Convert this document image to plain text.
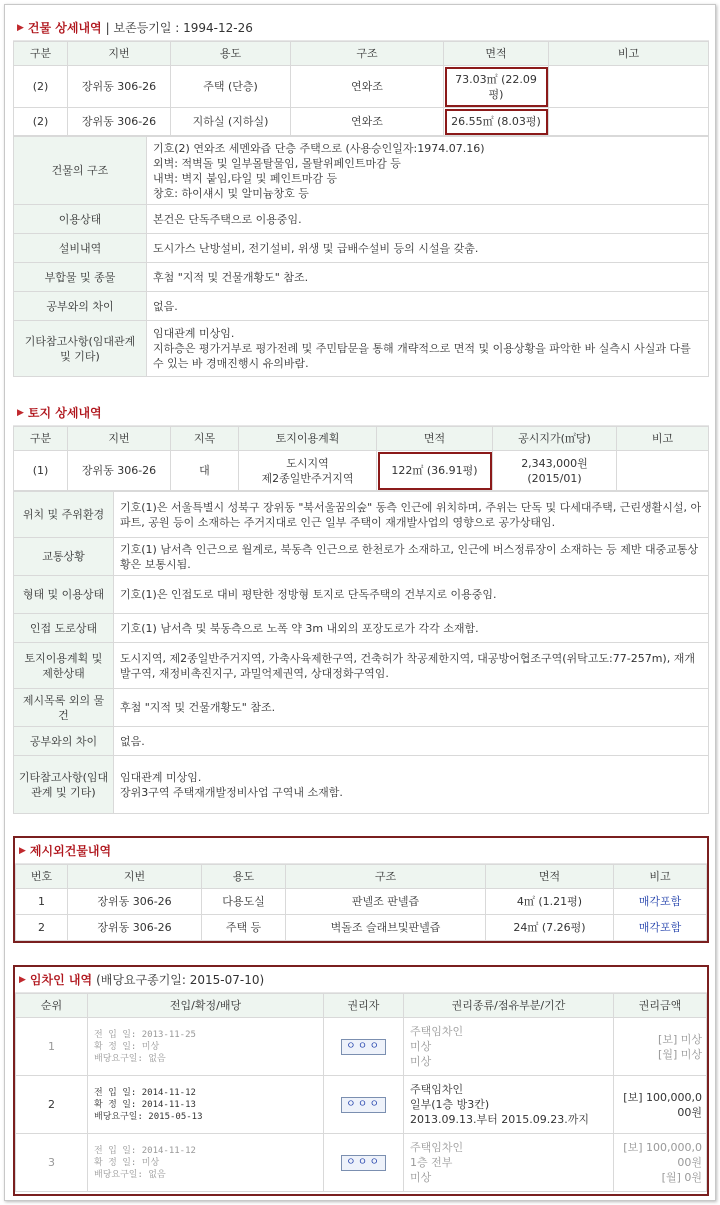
▶ 건물 상세내역 | 보존등기일 : 1994-12-26
구분	지번	용도	구조	면적	비고
(2)	장위동 306-26	주택 (단층)	연와조	73.03㎡ (22.09평)	
(2)	장위동 306-26	지하실 (지하실)	연와조	26.55㎡ (8.03평)	
건물의 구조	기호(2) 연와조 세멘와즙 단층 주택으로 (사용승인일자:1974.07.16)
외벽: 적벽돌 및 일부몰탈물임, 몰탈위페인트마감 등
내벽: 벽지 붙임,타일 및 페인트마감 등
창호: 하이섀시 및 알미늄창호 등
이용상태	본건은 단독주택으로 이용중임.
설비내역	도시가스 난방설비, 전기설비, 위생 및 급배수설비 등의 시설을 갖춤.
부합물 및 종물	후첨 "지적 및 건물개황도" 참조.
공부와의 차이	없음.
기타참고사항(임대관계 및 기타)	임대관계 미상임.
지하층은 평가거부로 평가전례 및 주민탐문을 통해 개략적으로 면적 및 이용상황을 파악한 바 실측시 사실과 다를 수 있는 바 경매진행시 유의바람.
▶ 토지 상세내역
구분	지번	지목	토지이용계획	면적	공시지가(㎡당)	비고
(1)	장위동 306-26	대	도시지역
제2종일반주거지역	122㎡ (36.91평)	2,343,000원
(2015/01)	
위치 및 주위환경	기호(1)은 서울특별시 성북구 장위동 "북서울꿈의숲" 동측 인근에 위치하며, 주위는 단독 및 다세대주택, 근린생활시설, 아파트, 공원 등이 소재하는 주거지대로 인근 일부 주택이 재개발사업의 영향으로 공가상태임.
교통상황	기호(1) 남서측 인근으로 월계로, 북동측 인근으로 한천로가 소재하고, 인근에 버스정류장이 소재하는 등 제반 대중교통상황은 보통시됨.
형태 및 이용상태	기호(1)은 인접도로 대비 평탄한 정방형 토지로 단독주택의 건부지로 이용중임.
인접 도로상태	기호(1) 남서측 및 북동측으로 노폭 약 3m 내외의 포장도로가 각각 소재함.
토지이용계획 및 제한상태	도시지역, 제2종일반주거지역, 가축사육제한구역, 건축허가 착공제한지역, 대공방어협조구역(위탁고도:77-257m), 재개발구역, 재정비촉진지구, 과밀억제권역, 상대정화구역임.
제시목록 외의 물건	후첨 "지적 및 건물개황도" 참조.
공부와의 차이	없음.
기타참고사항(임대관계 및 기타)	임대관계 미상임.
장위3구역 주택재개발정비사업 구역내 소재함.
▶ 제시외건물내역
번호	지번	용도	구조	면적	비고
1	장위동 306-26	다용도실	판넬조 판넬즙	4㎡ (1.21평)	매각포함
2	장위동 306-26	주택 등	벽돌조 슬래브및판넬즙	24㎡ (7.26평)	매각포함
▶ 임차인 내역 (배당요구종기일: 2015-07-10)
순위	전입/확정/배당	권리자	권리종류/점유부분/기간	권리금액
1	전 입 일: 2013-11-25
확 정 일: 미상
배당요구일: 없음	ㅇㅇㅇ	주택임차인
미상
미상	[보] 미상
[월] 미상
2	전 입 일: 2014-11-12
확 정 일: 2014-11-13
배당요구일: 2015-05-13	ㅇㅇㅇ	주택임차인
일부(1층 방3칸)
2013.09.13.부터 2015.09.23.까지	[보] 100,000,000원
3	전 입 일: 2014-11-12
확 정 일: 미상
배당요구일: 없음	ㅇㅇㅇ	주택임차인
1층 전부
미상	[보] 100,000,000원
[월] 0원
